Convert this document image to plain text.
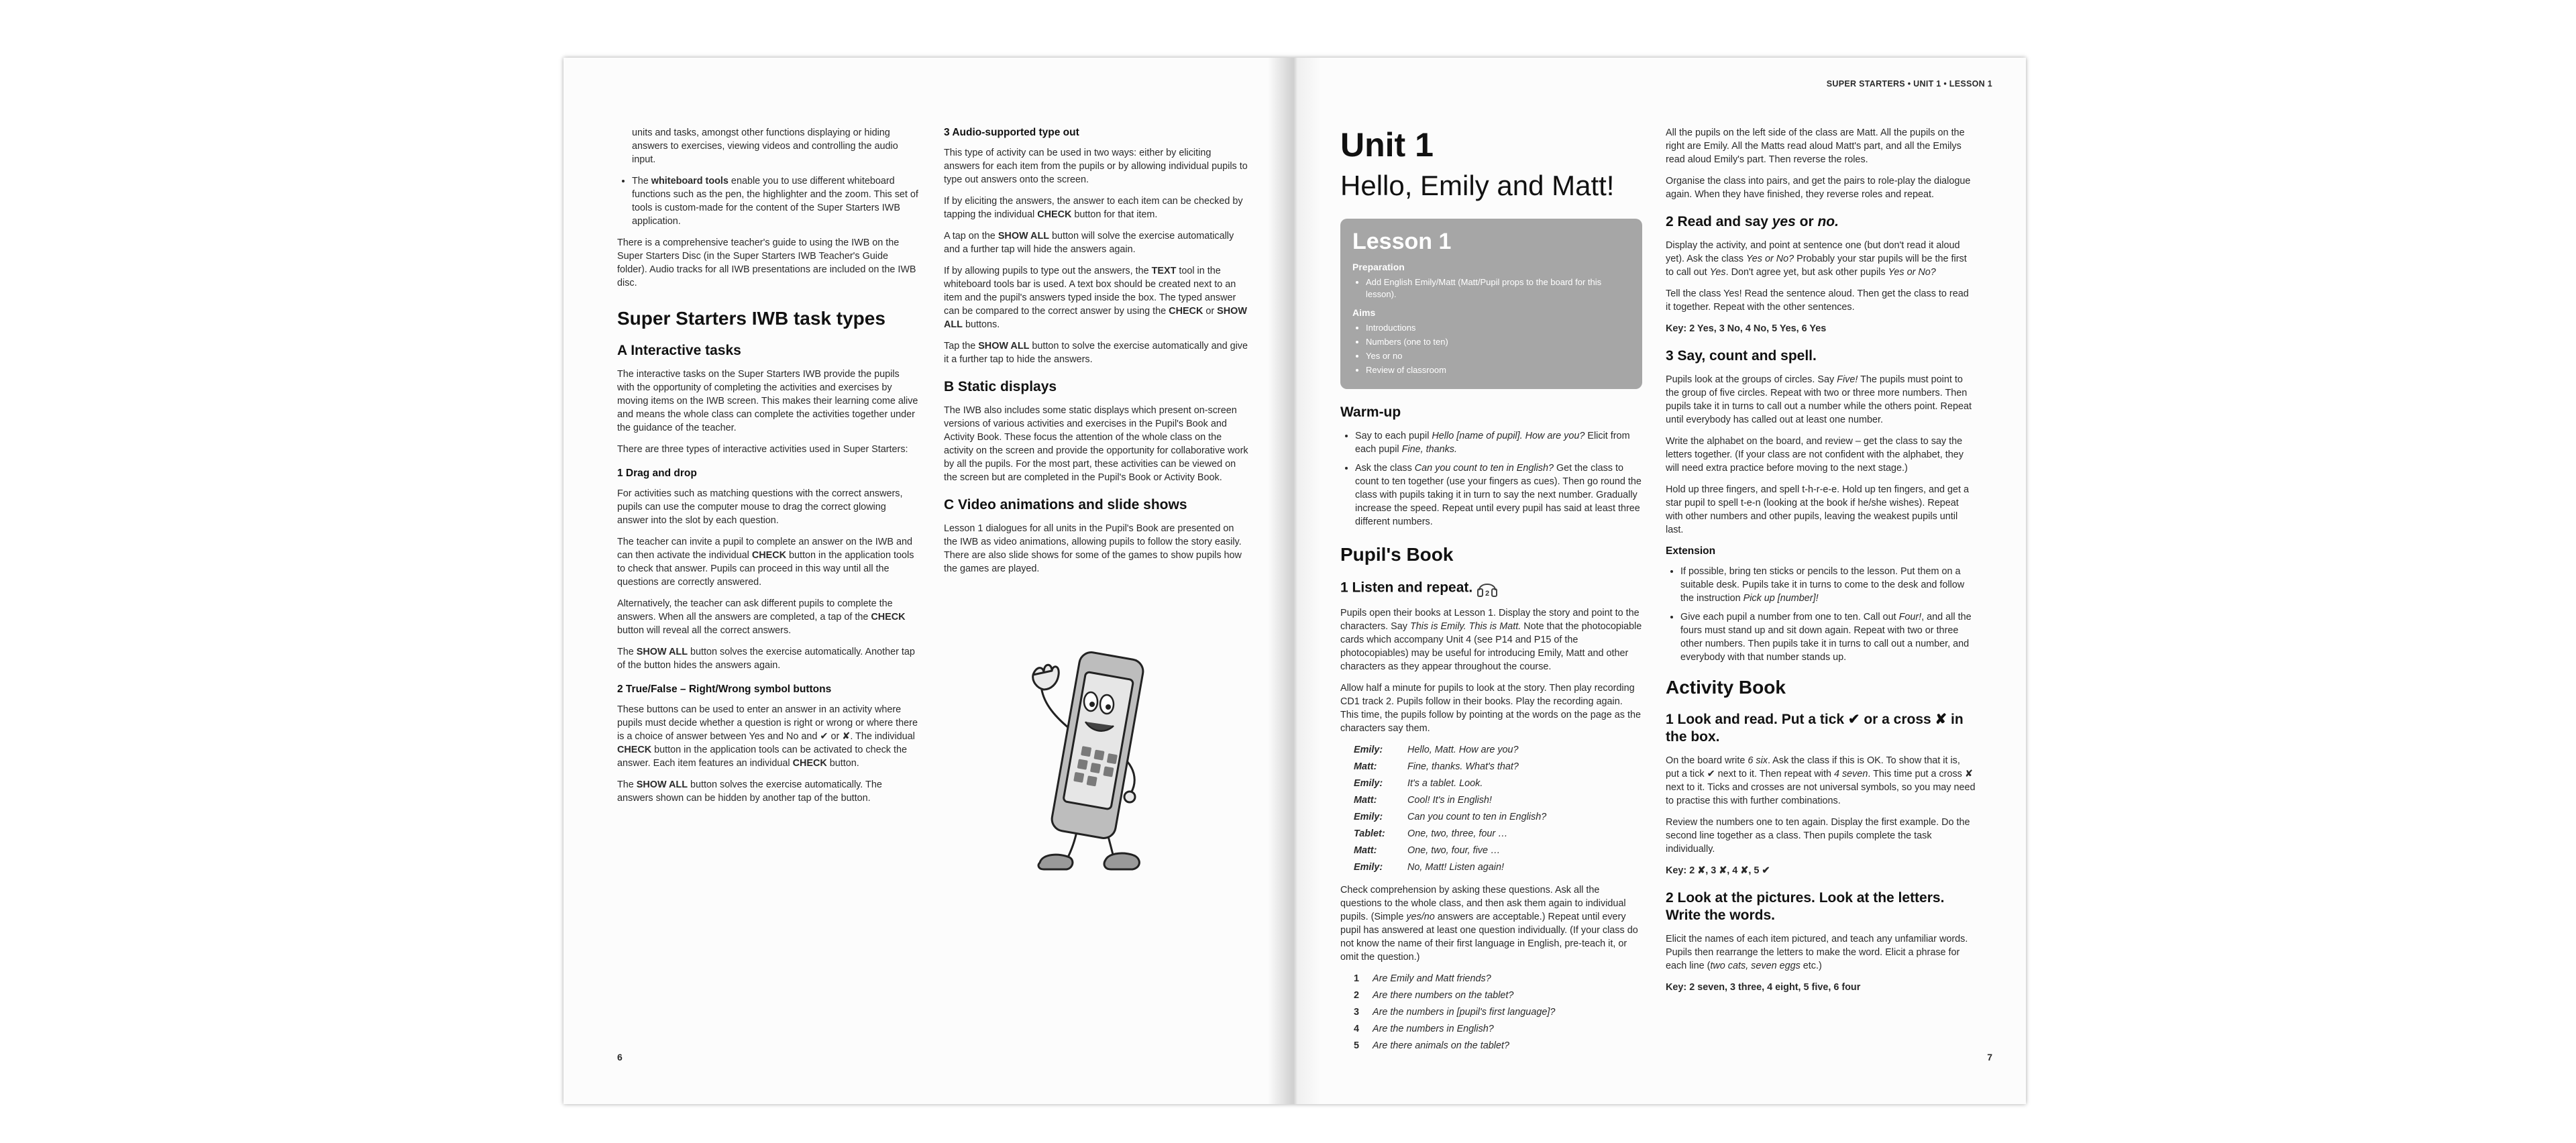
units and tasks, amongst other functions displaying or hiding answers to exercises, viewing videos and controlling the audio input.

• The whiteboard tools enable you to use different whiteboard functions such as the pen, the highlighter and the zoom. This set of tools is custom-made for the content of the Super Starters IWB application.

There is a comprehensive teacher's guide to using the IWB on the Super Starters Disc (in the Super Starters IWB Teacher's Guide folder). Audio tracks for all IWB presentations are included on the IWB disc.

Super Starters IWB task types
A Interactive tasks

The interactive tasks on the Super Starters IWB provide the pupils with the opportunity of completing the activities and exercises by moving items on the IWB screen. This makes their learning come alive and means the whole class can complete the activities together under the guidance of the teacher.

There are three types of interactive activities used in Super Starters:

1 Drag and drop

For activities such as matching questions with the correct answers, pupils can use the computer mouse to drag the correct glowing answer into the slot by each question.

The teacher can invite a pupil to complete an answer on the IWB and can then activate the individual CHECK button in the application tools to check that answer. Pupils can proceed in this way until all the questions are correctly answered.

Alternatively, the teacher can ask different pupils to complete the answers. When all the answers are completed, a tap of the CHECK button will reveal all the correct answers.

The SHOW ALL button solves the exercise automatically. Another tap of the button hides the answers again.

2 True/False – Right/Wrong symbol buttons

These buttons can be used to enter an answer in an activity where pupils must decide whether a question is right or wrong or where there is a choice of answer between Yes and No and ✔ or ✘. The individual CHECK button in the application tools can be activated to check the answer. Each item features an individual CHECK button.

The SHOW ALL button solves the exercise automatically. The answers shown can be hidden by another tap of the button.

3 Audio-supported type out

This type of activity can be used in two ways: either by eliciting answers for each item from the pupils or by allowing individual pupils to type out answers onto the screen.

If by eliciting the answers, the answer to each item can be checked by tapping the individual CHECK button for that item.

A tap on the SHOW ALL button will solve the exercise automatically and a further tap will hide the answers again.

If by allowing pupils to type out the answers, the TEXT tool in the whiteboard tools bar is used. A text box should be created next to an item and the pupil's answers typed inside the box. The typed answer can be compared to the correct answer by using the CHECK or SHOW ALL buttons.

Tap the SHOW ALL button to solve the exercise automatically and give it a further tap to hide the answers.

B Static displays

The IWB also includes some static displays which present on-screen versions of various activities and exercises in the Pupil's Book and Activity Book. These focus the attention of the whole class on the activity on the screen and provide the opportunity for collaborative work by all the pupils. For the most part, these activities can be viewed on the screen but are completed in the Pupil's Book or Activity Book.

C Video animations and slide shows

Lesson 1 dialogues for all units in the Pupil's Book are presented on the IWB as video animations, allowing pupils to follow the story easily. There are also slide shows for some of the games to show pupils how the games are played.

6
SUPER STARTERS • UNIT 1 • LESSON 1
Unit 1
Hello, Emily and Matt!
Lesson 1
Preparation
• Add English Emily/Matt (Matt/Pupil props to the board for this lesson).
Aims
• Introductions
• Numbers (one to ten)
• Yes or no
• Review of classroom
Warm-up
• Say to each pupil Hello [name of pupil]. How are you? Elicit from each pupil Fine, thanks.
• Ask the class Can you count to ten in English? Get the class to count to ten together (use your fingers as cues). Then go round the class with pupils taking it in turn to say the next number. Gradually increase the speed. Repeat until every pupil has said at least three different numbers.
Pupil's Book
1 Listen and repeat. 2

Pupils open their books at Lesson 1. Display the story and point to the characters. Say This is Emily. This is Matt. Note that the photocopiable cards which accompany Unit 4 (see P14 and P15 of the photocopiables) may be useful for introducing Emily, Matt and other characters as they appear throughout the course.

Allow half a minute for pupils to look at the story. Then play recording CD1 track 2. Pupils follow in their books. Play the recording again. This time, the pupils follow by pointing at the words on the page as the characters say them.

Emily:	Hello, Matt. How are you?
Matt:	Fine, thanks. What's that?
Emily:	It's a tablet. Look.
Matt:	Cool! It's in English!
Emily:	Can you count to ten in English?
Tablet:	One, two, three, four …
Matt:	One, two, four, five …
Emily:	No, Matt! Listen again!

Check comprehension by asking these questions. Ask all the questions to the whole class, and then ask them again to individual pupils. (Simple yes/no answers are acceptable.) Repeat until every pupil has answered at least one question individually. (If your class do not know the name of their first language in English, pre-teach it, or omit the question.)

1 Are Emily and Matt friends?
2 Are there numbers on the tablet?
3 Are the numbers in [pupil's first language]?
4 Are the numbers in English?
5 Are there animals on the tablet?

All the pupils on the left side of the class are Matt. All the pupils on the right are Emily. All the Matts read aloud Matt's part, and all the Emilys read aloud Emily's part. Then reverse the roles.

Organise the class into pairs, and get the pairs to role-play the dialogue again. When they have finished, they reverse roles and repeat.

2 Read and say yes or no.

Display the activity, and point at sentence one (but don't read it aloud yet). Ask the class Yes or No? Probably your star pupils will be the first to call out Yes. Don't agree yet, but ask other pupils Yes or No?

Tell the class Yes! Read the sentence aloud. Then get the class to read it together. Repeat with the other sentences.

Key: 2 Yes, 3 No, 4 No, 5 Yes, 6 Yes

3 Say, count and spell.

Pupils look at the groups of circles. Say Five! The pupils must point to the group of five circles. Repeat with two or three more numbers. Then pupils take it in turns to call out a number while the others point. Repeat until everybody has called out at least one number.

Write the alphabet on the board, and review – get the class to say the letters together. (If your class are not confident with the alphabet, they will need extra practice before moving to the next stage.)

Hold up three fingers, and spell t-h-r-e-e. Hold up ten fingers, and get a star pupil to spell t-e-n (looking at the book if he/she wishes). Repeat with other numbers and other pupils, leaving the weakest pupils until last.

Extension
• If possible, bring ten sticks or pencils to the lesson. Put them on a suitable desk. Pupils take it in turns to come to the desk and follow the instruction Pick up [number]!
• Give each pupil a number from one to ten. Call out Four!, and all the fours must stand up and sit down again. Repeat with two or three other numbers. Then pupils take it in turns to call out a number, and everybody with that number stands up.
Activity Book
1 Look and read. Put a tick ✔ or a cross ✘ in the box.

On the board write 6 six. Ask the class if this is OK. To show that it is, put a tick ✔ next to it. Then repeat with 4 seven. This time put a cross ✘ next to it. Ticks and crosses are not universal symbols, so you may need to practise this with further combinations.

Review the numbers one to ten again. Display the first example. Do the second line together as a class. Then pupils complete the task individually.

Key: 2 ✘, 3 ✘, 4 ✘, 5 ✔

2 Look at the pictures. Look at the letters. Write the words.

Elicit the names of each item pictured, and teach any unfamiliar words. Pupils then rearrange the letters to make the word. Elicit a phrase for each line (two cats, seven eggs etc.)

Key: 2 seven, 3 three, 4 eight, 5 five, 6 four

7
